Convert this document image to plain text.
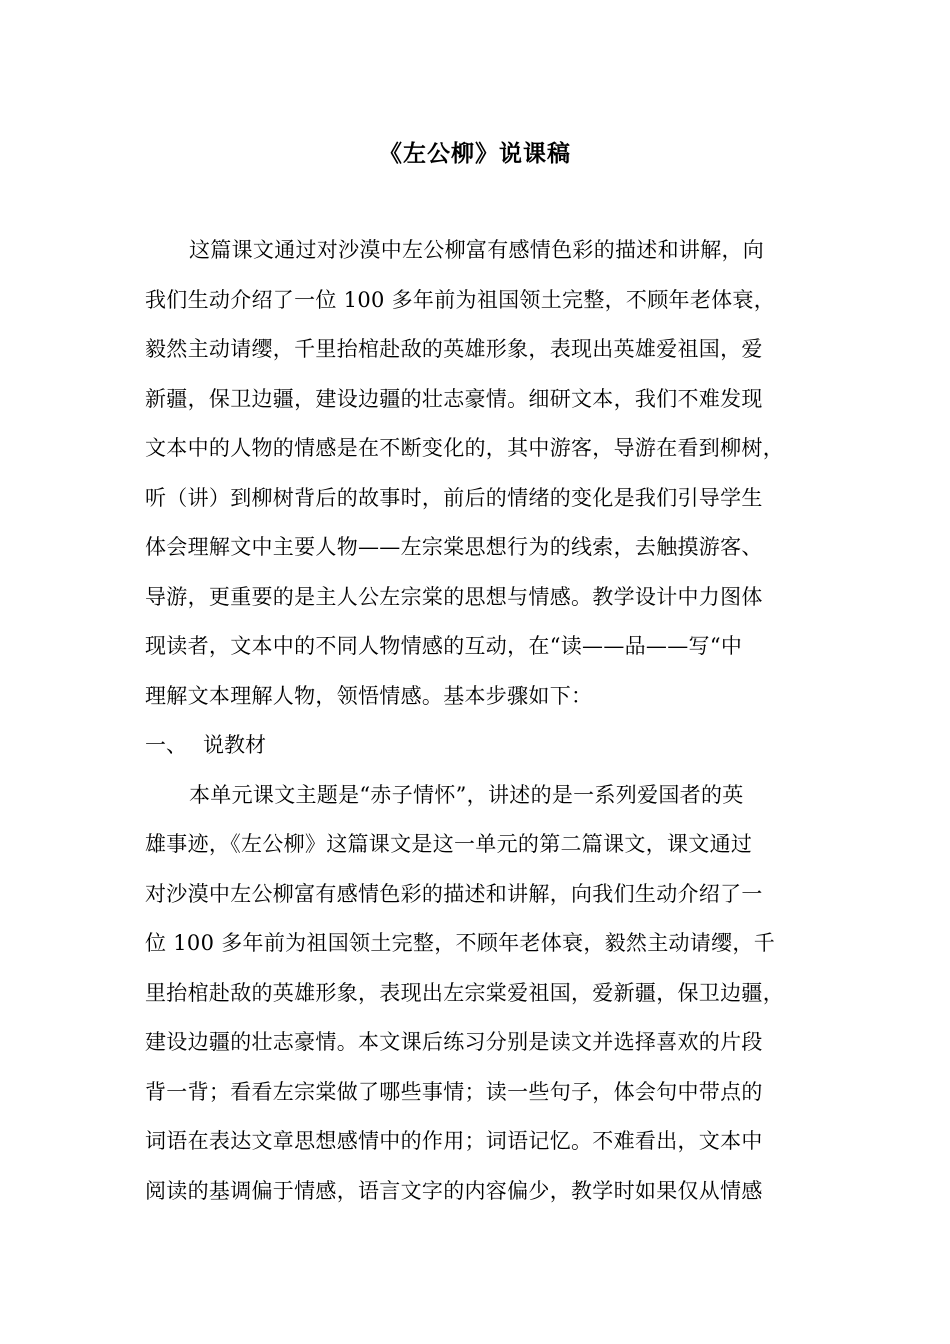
《左公柳》说课稿
这篇课文通过对沙漠中左公柳富有感情色彩的描述和讲解，向
我们生动介绍了一位 100 多年前为祖国领土完整，不顾年老体衰，
毅然主动请缨，千里抬棺赴敌的英雄形象，表现出英雄爱祖国，爱
新疆，保卫边疆，建设边疆的壮志豪情。细研文本，我们不难发现
文本中的人物的情感是在不断变化的，其中游客，导游在看到柳树，
听（讲）到柳树背后的故事时，前后的情绪的变化是我们引导学生
体会理解文中主要人物——左宗棠思想行为的线索，去触摸游客、
导游，更重要的是主人公左宗棠的思想与情感。教学设计中力图体
现读者，文本中的不同人物情感的互动，在“读——品——写“中
理解文本理解人物，领悟情感。基本步骤如下：
一、 说教材
本单元课文主题是“赤子情怀”，讲述的是一系列爱国者的英
雄事迹，《左公柳》这篇课文是这一单元的第二篇课文，课文通过
对沙漠中左公柳富有感情色彩的描述和讲解，向我们生动介绍了一
位 100 多年前为祖国领土完整，不顾年老体衰，毅然主动请缨，千
里抬棺赴敌的英雄形象，表现出左宗棠爱祖国，爱新疆，保卫边疆，
建设边疆的壮志豪情。本文课后练习分别是读文并选择喜欢的片段
背一背；看看左宗棠做了哪些事情；读一些句子，体会句中带点的
词语在表达文章思想感情中的作用；词语记忆。不难看出，文本中
阅读的基调偏于情感，语言文字的内容偏少，教学时如果仅从情感
